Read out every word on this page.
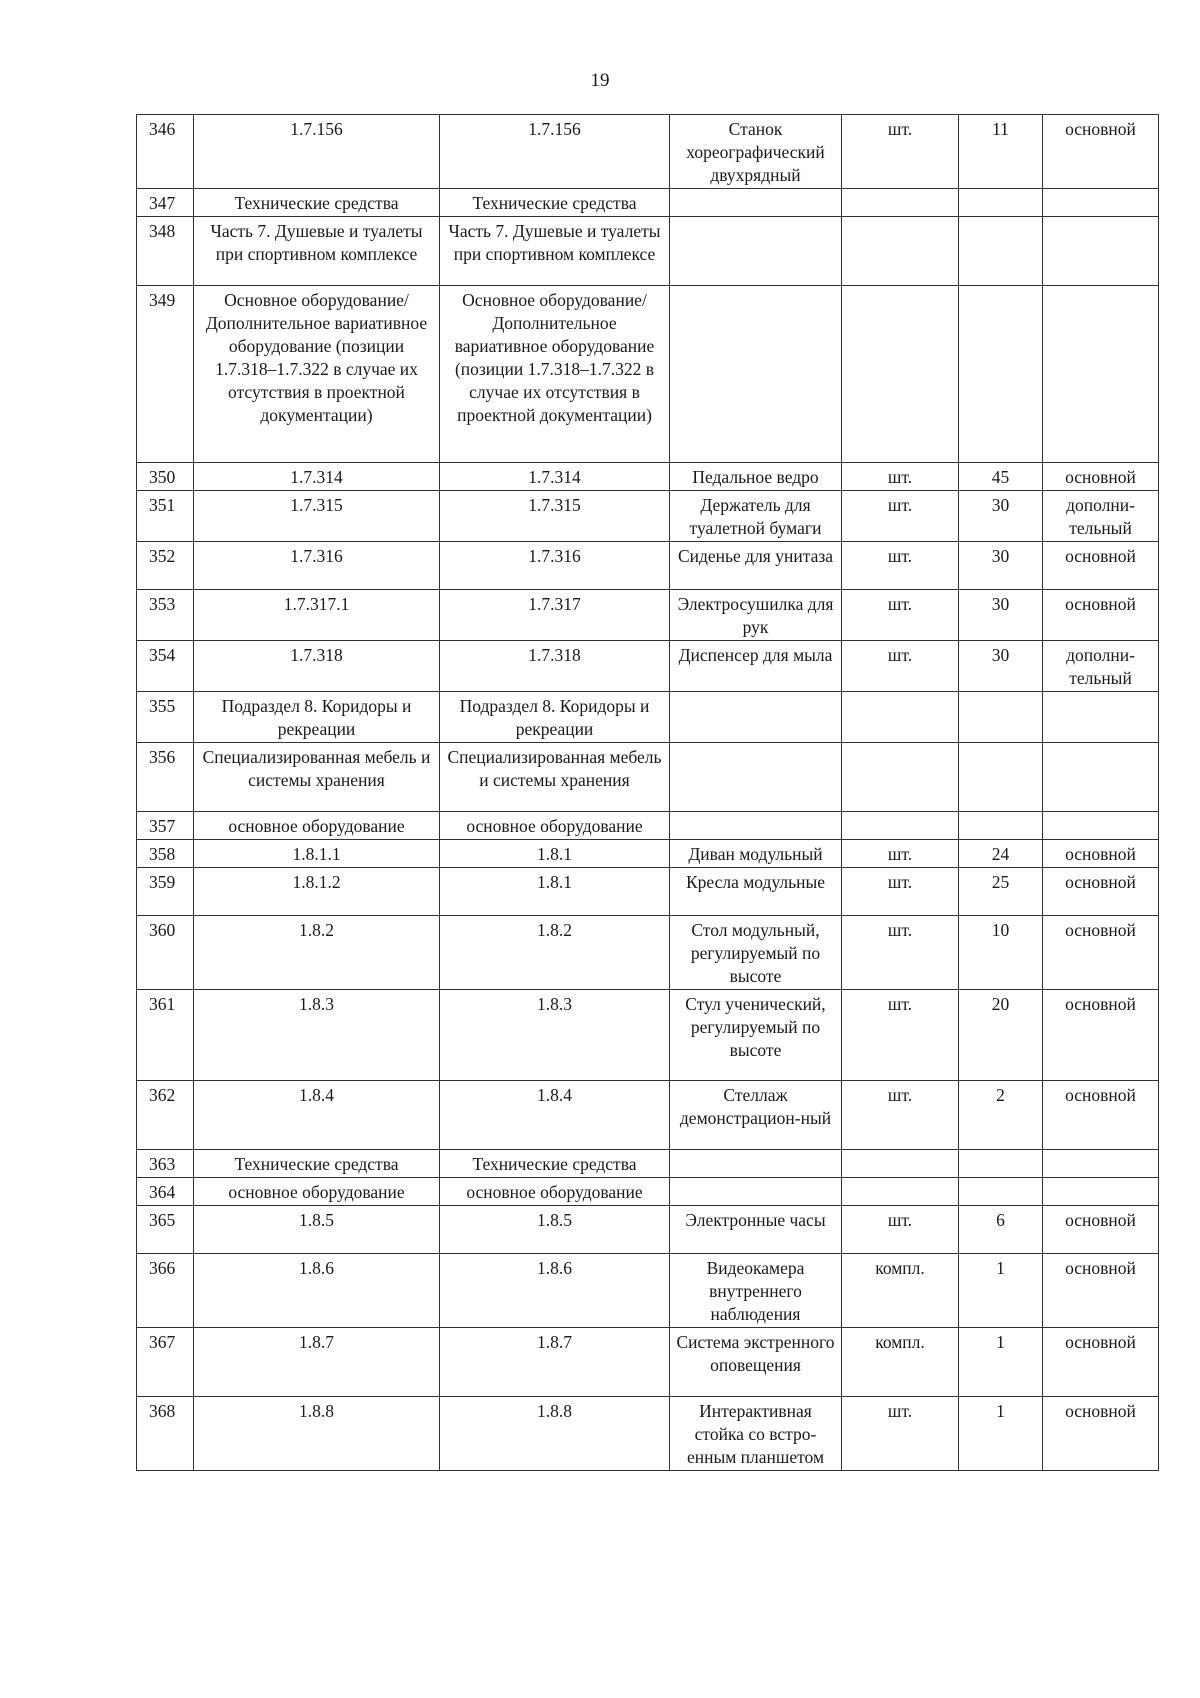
19
346	1.7.156	1.7.156	Станок хореографический двухрядный	шт.	11	основной
347	Технические средства	Технические средства				
348	Часть 7. Душевые и туалеты при спортивном комплексе	Часть 7. Душевые и туалеты при спортивном комплексе				
349	Основное оборудование/Дополнительное вариативное оборудование (позиции 1.7.318–1.7.322 в случае их отсутствия в проектной документации)	Основное оборудование/Дополнительное вариативное оборудование (позиции 1.7.318–1.7.322 в случае их отсутствия в проектной документации)				
350	1.7.314	1.7.314	Педальное ведро	шт.	45	основной
351	1.7.315	1.7.315	Держатель для туалетной бумаги	шт.	30	дополни-тельный
352	1.7.316	1.7.316	Сиденье для унитаза	шт.	30	основной
353	1.7.317.1	1.7.317	Электросушилка для рук	шт.	30	основной
354	1.7.318	1.7.318	Диспенсер для мыла	шт.	30	дополни-тельный
355	Подраздел 8. Коридоры и рекреации	Подраздел 8. Коридоры и рекреации				
356	Специализированная мебель и системы хранения	Специализированная мебель и системы хранения				
357	основное оборудование	основное оборудование				
358	1.8.1.1	1.8.1	Диван модульный	шт.	24	основной
359	1.8.1.2	1.8.1	Кресла модульные	шт.	25	основной
360	1.8.2	1.8.2	Стол модульный, регулируемый по высоте	шт.	10	основной
361	1.8.3	1.8.3	Стул ученический, регулируемый по высоте	шт.	20	основной
362	1.8.4	1.8.4	Стеллаж демонстрацион-ный	шт.	2	основной
363	Технические средства	Технические средства				
364	основное оборудование	основное оборудование				
365	1.8.5	1.8.5	Электронные часы	шт.	6	основной
366	1.8.6	1.8.6	Видеокамера внутреннего наблюдения	компл.	1	основной
367	1.8.7	1.8.7	Система экстренного оповещения	компл.	1	основной
368	1.8.8	1.8.8	Интерактивная стойка со встро-енным планшетом	шт.	1	основной
